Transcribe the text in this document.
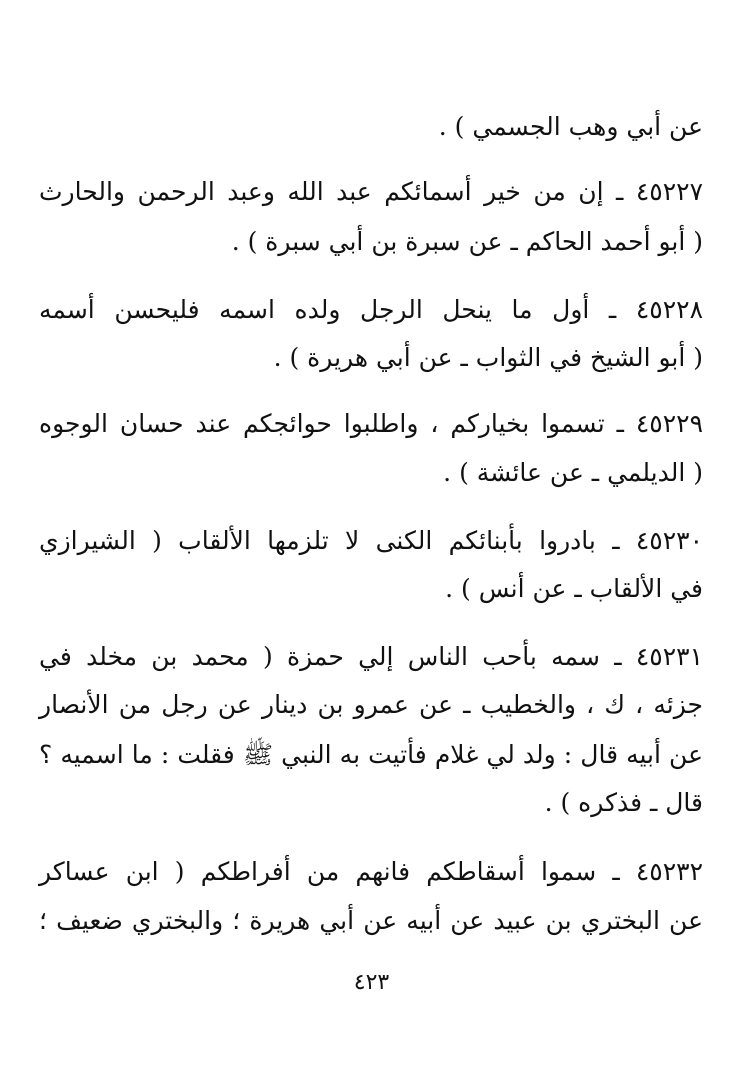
عن أبي وهب الجسمي ) .
٤٥٢٢٧ ـ إن من خير أسمائكم عبد الله وعبد الرحمن والحارث
( أبو أحمد الحاكم ـ عن سبرة بن أبي سبرة ) .
٤٥٢٢٨ ـ أول ما ينحل الرجل ولده اسمه فليحسن أسمه
( أبو الشيخ في الثواب ـ عن أبي هريرة ) .
٤٥٢٢٩ ـ تسموا بخياركم ، واطلبوا حوائجكم عند حسان الوجوه
( الديلمي ـ عن عائشة ) .
٤٥٢٣٠ ـ بادروا بأبنائكم الكنى لا تلزمها الألقاب ( الشيرازي
في الألقاب ـ عن أنس ) .
٤٥٢٣١ ـ سمه بأحب الناس إلي حمزة ( محمد بن مخلد في
جزئه ، ك ، والخطيب ـ عن عمرو بن دينار عن رجل من الأنصار
عن أبيه قال : ولد لي غلام فأتيت به النبي ﷺ فقلت : ما اسميه ؟
قال ـ فذكره ) .
٤٥٢٣٢ ـ سموا أسقاطكم فانهم من أفراطكم ( ابن عساكر
عن البختري بن عبيد عن أبيه عن أبي هريرة ؛ والبختري ضعيف ؛
٤٢٣
